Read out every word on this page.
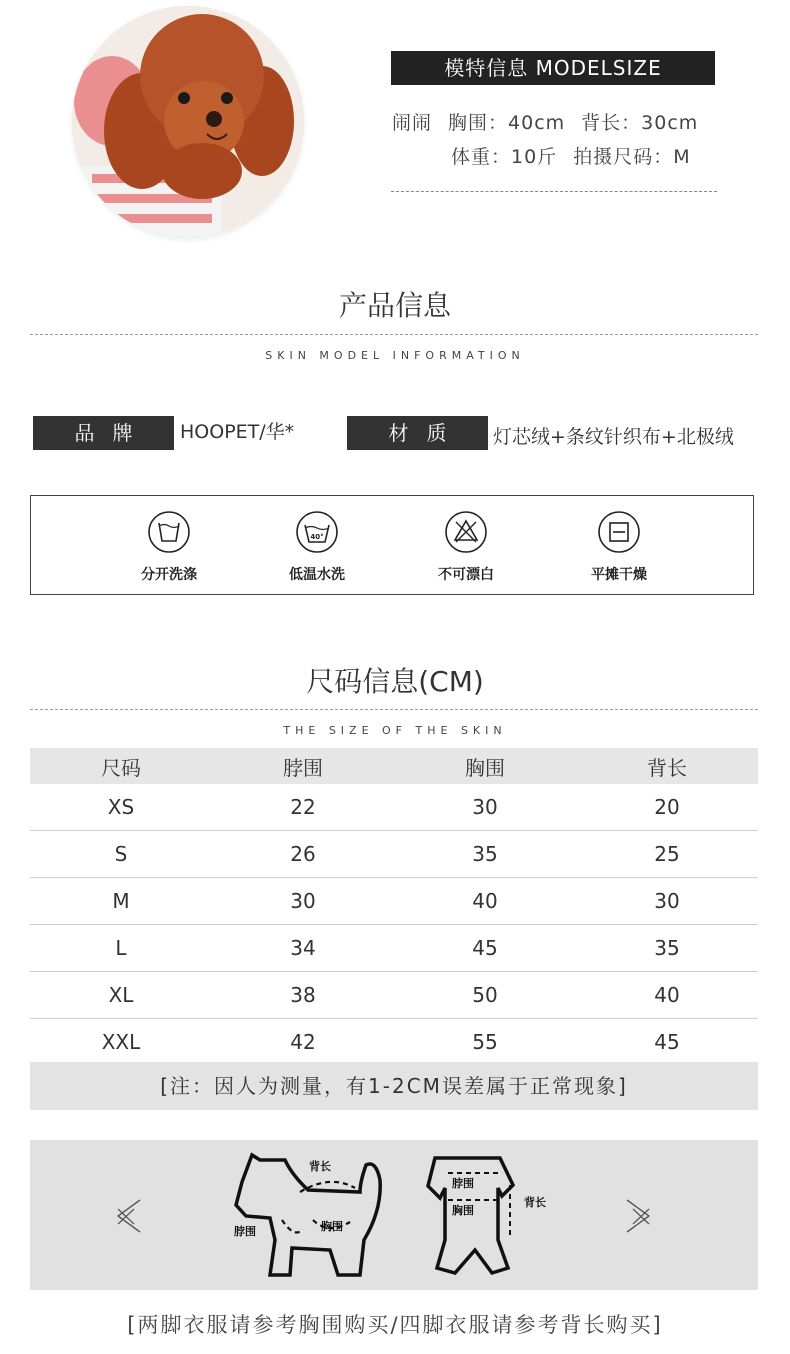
模特信息 MODELSIZE
闹闹 胸围：40cm 背长：30cm
体重：10斤 拍摄尺码：M
产品信息
SKIN MODEL INFORMATION
品牌	HOOPET/华*	材质	灯芯绒+条纹针织布+北极绒
分开洗涤
40°
低温水洗	不可漂白	平摊干燥
尺码信息(CM)
THE SIZE OF THE SKIN
尺码	脖围	胸围	背长
XS	22	30	20
S	26	35	25
M	30	40	30
L	34	45	35
XL	38	50	40
XXL	42	55	45
[注：因人为测量，有1-2CM误差属于正常现象]
背长
脖围	胸围
脖围
胸围
背长
[两脚衣服请参考胸围购买/四脚衣服请参考背长购买]
